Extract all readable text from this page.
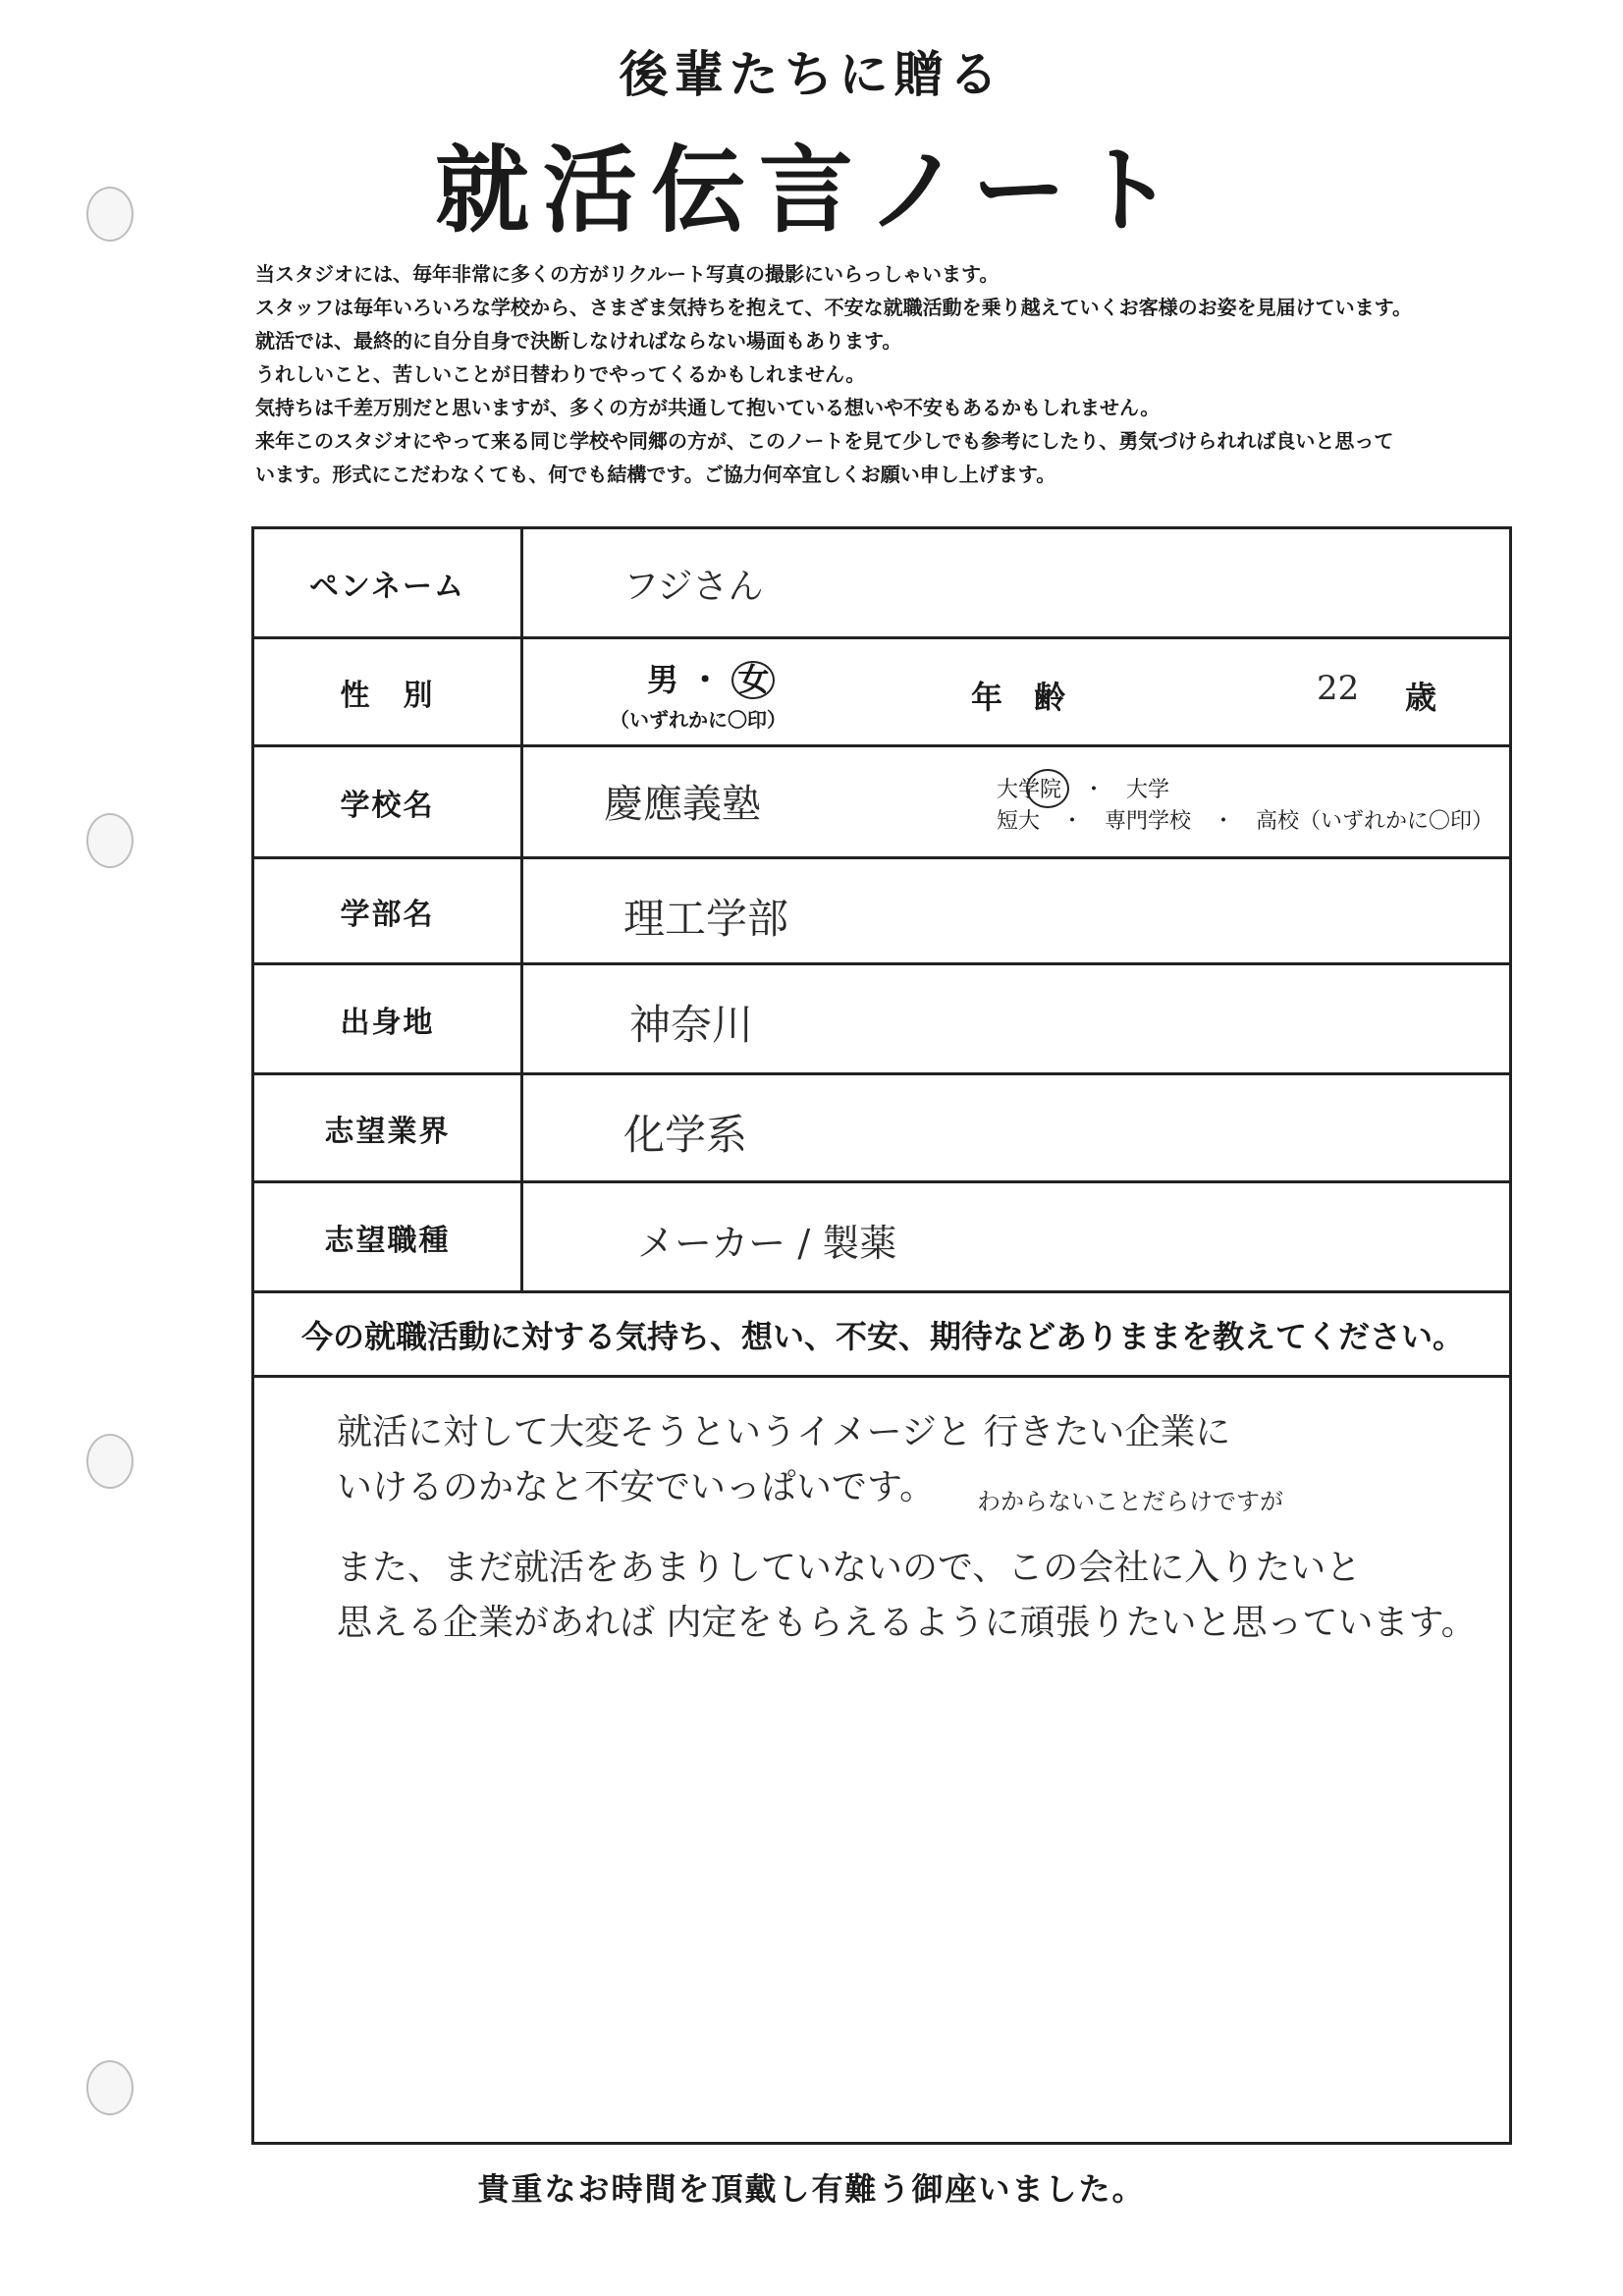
後輩たちに贈る
就活伝言ノート
当スタジオには、毎年非常に多くの方がリクルート写真の撮影にいらっしゃいます。
スタッフは毎年いろいろな学校から、さまざま気持ちを抱えて、不安な就職活動を乗り越えていくお客様のお姿を見届けています。
就活では、最終的に自分自身で決断しなければならない場面もあります。
うれしいこと、苦しいことが日替わりでやってくるかもしれません。
気持ちは千差万別だと思いますが、多くの方が共通して抱いている想いや不安もあるかもしれません。
来年このスタジオにやって来る同じ学校や同郷の方が、このノートを見て少しでも参考にしたり、勇気づけられれば良いと思って
います。形式にこだわなくても、何でも結構です。ご協力何卒宜しくお願い申し上げます。
ペンネーム	フジさん
性　別	男 ・ 女
（いずれかに〇印）
年　齢	22 歳
学校名	慶應義塾	大学院　・　大学
短大　・　専門学校　・　高校（いずれかに〇印）
学部名	理工学部
出身地	神奈川
志望業界	化学系
志望職種	メーカー / 製薬
今の就職活動に対する気持ち、想い、不安、期待などありままを教えてください。
わからないことだらけですが
就活に対して大変そうというイメージと 行きたい企業に
いけるのかなと不安でいっぱいです。
また、まだ就活をあまりしていないので、この会社に入りたいと
思える企業があれば 内定をもらえるように頑張りたいと思っています。
貴重なお時間を頂戴し有難う御座いました。
